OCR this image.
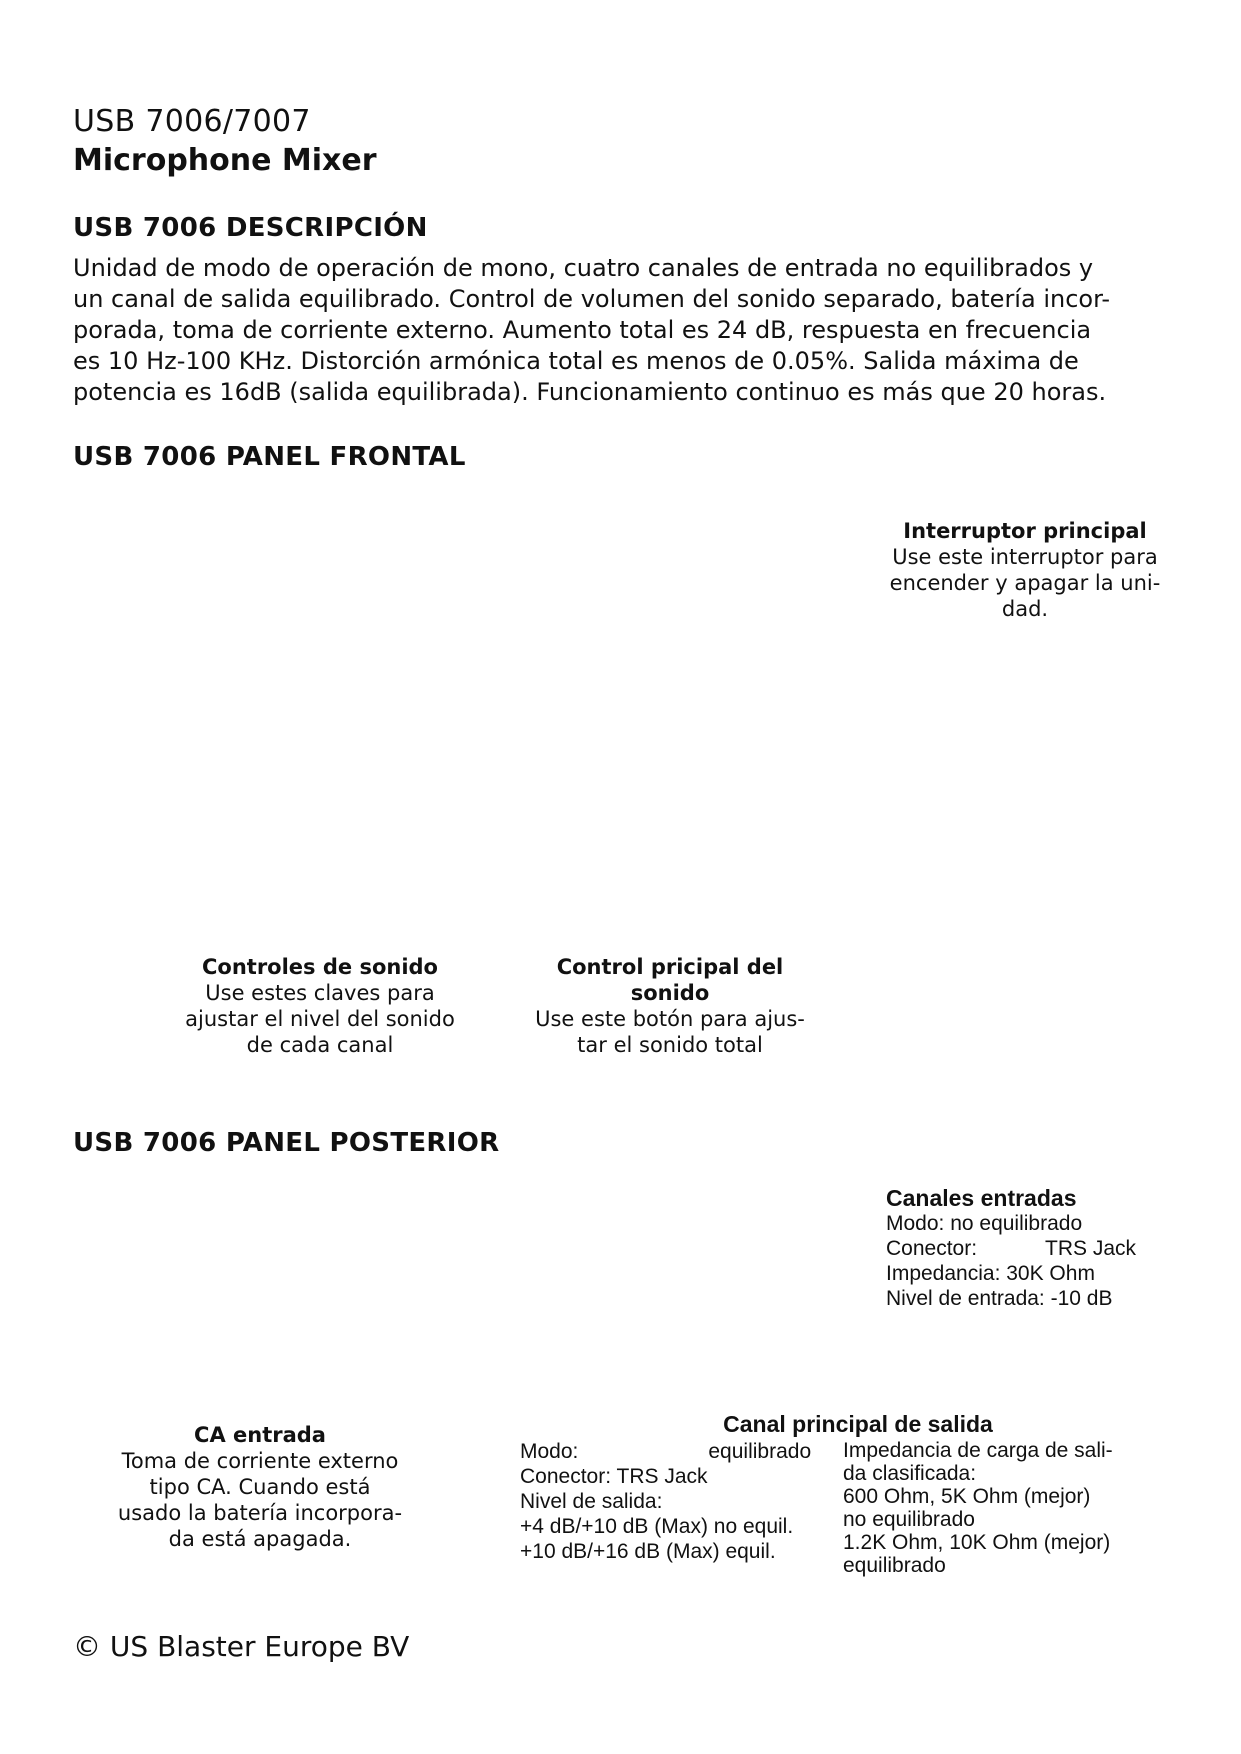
USB 7006/7007
Microphone Mixer
USB 7006 DESCRIPCIÓN
Unidad de modo de operación de mono, cuatro canales de entrada no equilibrados y
un canal de salida equilibrado. Control de volumen del sonido separado, batería incor-
porada, toma de corriente externo. Aumento total es 24 dB, respuesta en frecuencia
es 10 Hz-100 KHz. Distorción armónica total es menos de 0.05%. Salida máxima de
potencia es 16dB (salida equilibrada). Funcionamiento continuo es más que 20 horas.
USB 7006 PANEL FRONTAL
Interruptor principal
Use este interruptor para
encender y apagar la uni-
dad.
Controles de sonido
Use estes claves para
ajustar el nivel del sonido
de cada canal
Control pricipal del
sonido
Use este botón para ajus-
tar el sonido total
USB 7006 PANEL POSTERIOR
Canales entradas
Modo: no equilibrado
Conector:	TRS Jack
Impedancia: 30K Ohm
Nivel de entrada: -10 dB
CA entrada
Toma de corriente externo
tipo CA. Cuando está
usado la batería incorpora-
da está apagada.
Canal principal de salida
Modo:	equilibrado
Conector: TRS Jack
Nivel de salida:
+4 dB/+10 dB (Max) no equil.
+10 dB/+16 dB (Max) equil.
Impedancia de carga de sali-
da clasificada:
600 Ohm, 5K Ohm (mejor)
no equilibrado
1.2K Ohm, 10K Ohm (mejor)
equilibrado
© US Blaster Europe BV
